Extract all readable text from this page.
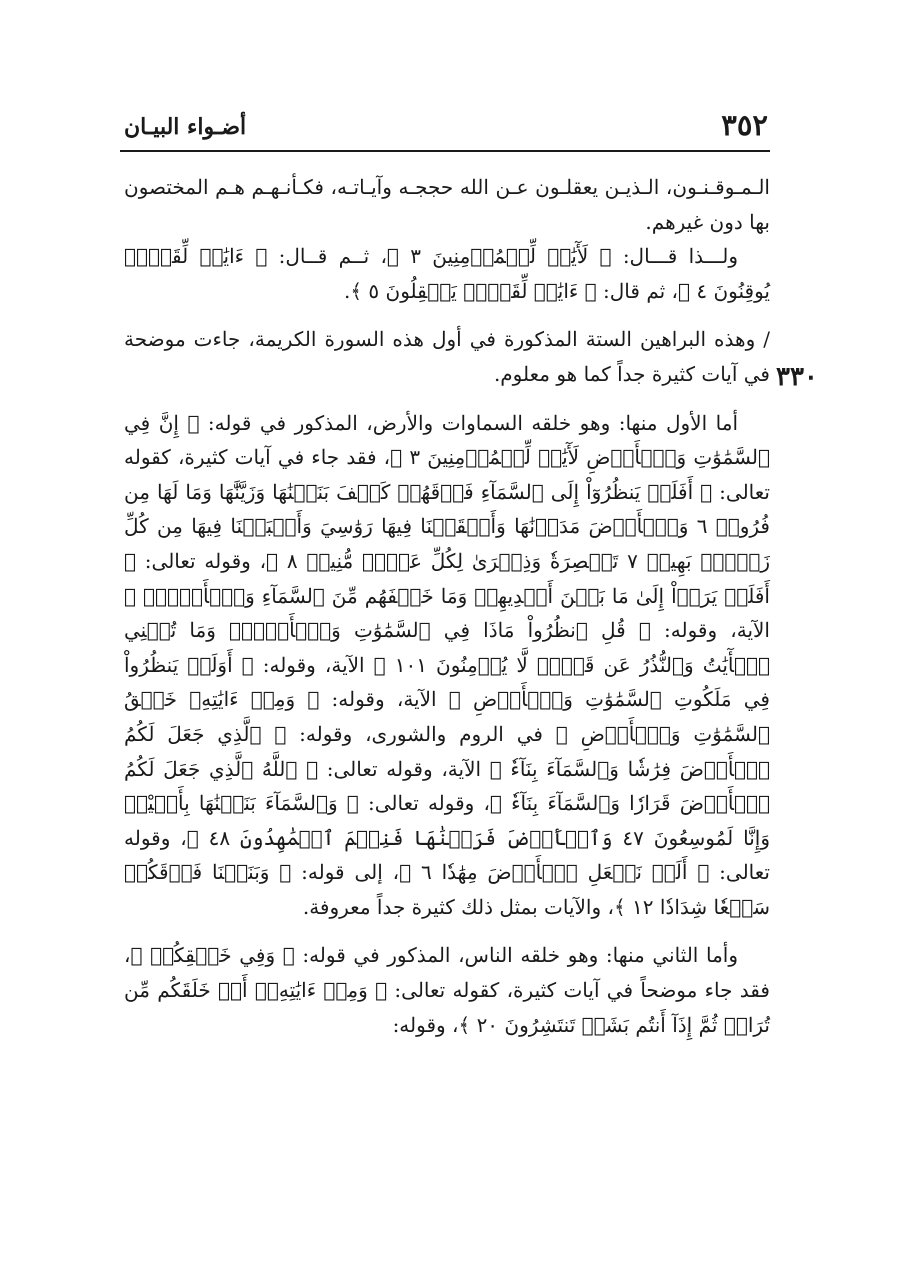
٣٥٢
أضـواء البيـان
٣٣٠

الـمـوقـنـون، الـذيـن يعقلـون عـن الله حججـه وآيـاتـه، فكـأنـهـم هـم المختصون بها دون غيرهم.

ولـــذا قـــال: ﴿ لَأٓيَٰتٖ لِّلۡمُؤۡمِنِينَ ٣ ﴾، ثــم قــال: ﴿ ءَايَٰتٞ لِّقَوۡمٖ يُوقِنُونَ ٤ ﴾، ثم قال: ﴿ ءَايَٰتٞ لِّقَوۡمٖ يَعۡقِلُونَ ٥ ﴾.

/ وهذه البراهين الستة المذكورة في أول هذه السورة الكريمة، جاءت موضحة في آيات كثيرة جداً كما هو معلوم.

أما الأول منها: وهو خلقه السماوات والأرض، المذكور في قوله: ﴿ إِنَّ فِي ٱلسَّمَٰوَٰتِ وَٱلۡأَرۡضِ لَأٓيَٰتٖ لِّلۡمُؤۡمِنِينَ ٣ ﴾، فقد جاء في آيات كثيرة، كقوله تعالى: ﴿ أَفَلَمۡ يَنظُرُوٓاْ إِلَى ٱلسَّمَآءِ فَوۡقَهُمۡ كَيۡفَ بَنَيۡنَٰهَا وَزَيَّنَّٰهَا وَمَا لَهَا مِن فُرُوجٖ ٦ وَٱلۡأَرۡضَ مَدَدۡنَٰهَا وَأَلۡقَيۡنَا فِيهَا رَوَٰسِيَ وَأَنۢبَتۡنَا فِيهَا مِن كُلِّ زَوۡجِۭ بَهِيجٖ ٧ تَبۡصِرَةٗ وَذِكۡرَىٰ لِكُلِّ عَبۡدٖ مُّنِيبٖ ٨ ﴾، وقوله تعالى: ﴿ أَفَلَمۡ يَرَوۡاْ إِلَىٰ مَا بَيۡنَ أَيۡدِيهِمۡ وَمَا خَلۡفَهُم مِّنَ ٱلسَّمَآءِ وَٱلۡأَرۡضِۚ ﴾ الآية، وقوله: ﴿ قُلِ ٱنظُرُواْ مَاذَا فِي ٱلسَّمَٰوَٰتِ وَٱلۡأَرۡضِۚ وَمَا تُغۡنِي ٱلۡأٓيَٰتُ وَٱلنُّذُرُ عَن قَوۡمٖ لَّا يُؤۡمِنُونَ ١٠١ ﴾ الآية، وقوله: ﴿ أَوَلَمۡ يَنظُرُواْ فِي مَلَكُوتِ ٱلسَّمَٰوَٰتِ وَٱلۡأَرۡضِ ﴾ الآية، وقوله: ﴿ وَمِنۡ ءَايَٰتِهِۦ خَلۡقُ ٱلسَّمَٰوَٰتِ وَٱلۡأَرۡضِ ﴾ في الروم والشورى، وقوله: ﴿ ٱلَّذِي جَعَلَ لَكُمُ ٱلۡأَرۡضَ فِرَٰشٗا وَٱلسَّمَآءَ بِنَآءٗ ﴾ الآية، وقوله تعالى: ﴿ ٱللَّهُ ٱلَّذِي جَعَلَ لَكُمُ ٱلۡأَرۡضَ قَرَارٗا وَٱلسَّمَآءَ بِنَآءٗ ﴾، وقوله تعالى: ﴿ وَٱلسَّمَآءَ بَنَيۡنَٰهَا بِأَيۡيْدٖ وَإِنَّا لَمُوسِعُونَ ٤٧ وَٱلۡأَرۡضَ فَرَشۡنَٰهَا فَنِعۡمَ ٱلۡمَٰهِدُونَ ٤٨ ﴾، وقوله تعالى: ﴿ أَلَمۡ نَجۡعَلِ ٱلۡأَرۡضَ مِهَٰدٗا ٦ ﴾، إلى قوله: ﴿ وَبَنَيۡنَا فَوۡقَكُمۡ سَبۡعٗا شِدَادٗا ١٢ ﴾، والآيات بمثل ذلك كثيرة جداً معروفة.

وأما الثاني منها: وهو خلقه الناس، المذكور في قوله: ﴿ وَفِي خَلۡقِكُمۡ ﴾، فقد جاء موضحاً في آيات كثيرة، كقوله تعالى: ﴿ وَمِنۡ ءَايَٰتِهِۦٓ أَنۡ خَلَقَكُم مِّن تُرَابٖ ثُمَّ إِذَآ أَنتُم بَشَرٞ تَنتَشِرُونَ ٢٠ ﴾، وقوله:
